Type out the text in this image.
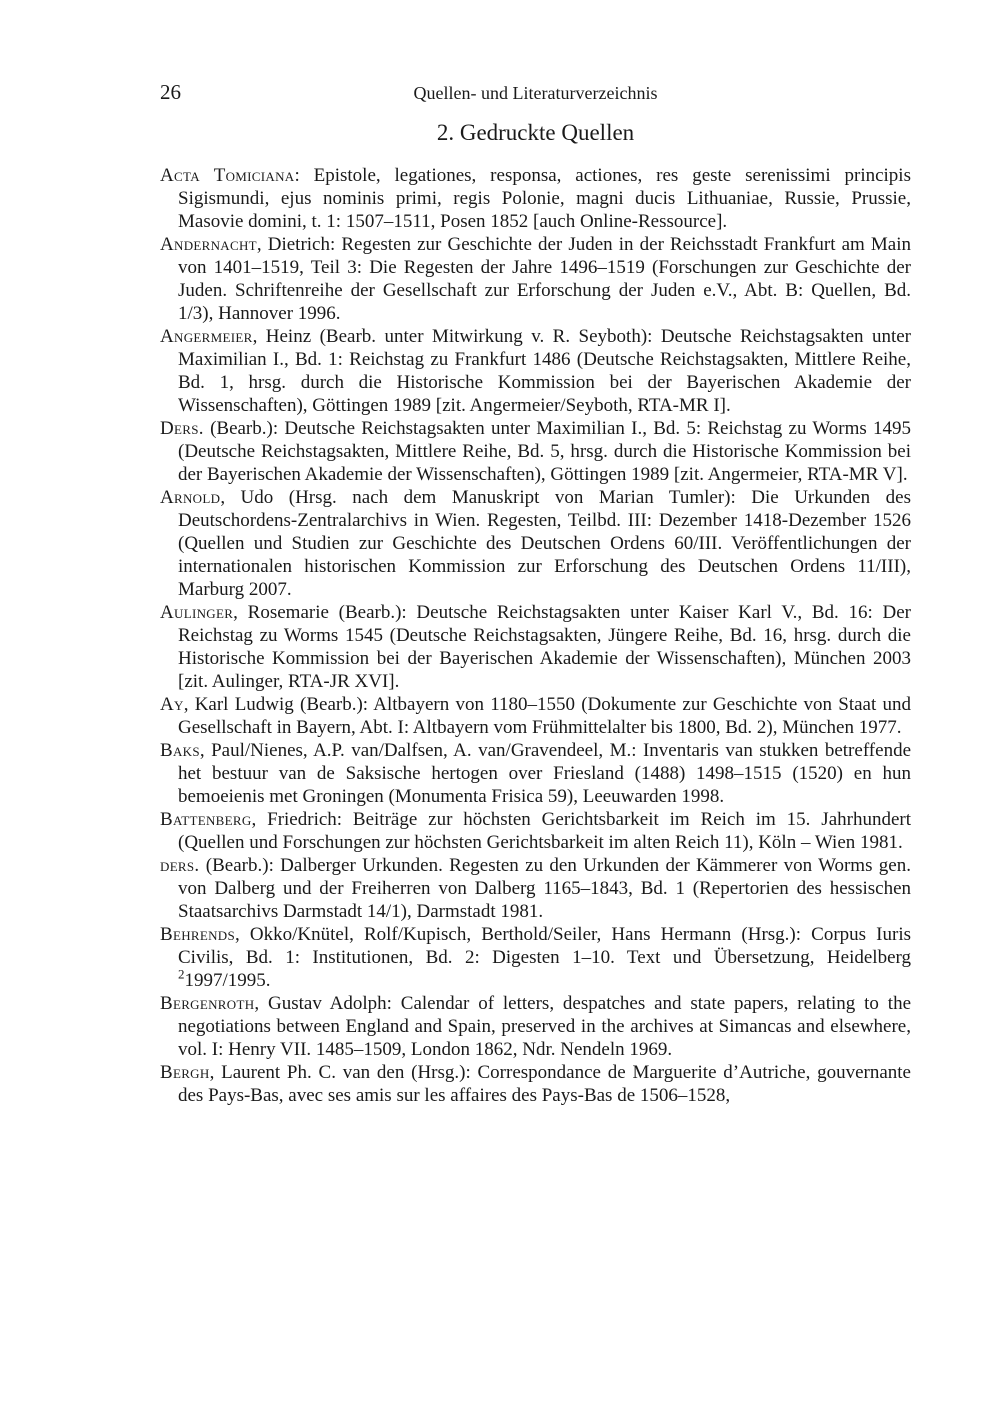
26	Quellen- und Literaturverzeichnis
2. Gedruckte Quellen
Acta Tomiciana: Epistole, legationes, responsa, actiones, res geste serenissimi principis Sigismundi, ejus nominis primi, regis Polonie, magni ducis Lithuaniae, Russie, Prussie, Masovie domini, t. 1: 1507–1511, Posen 1852 [auch Online-Ressource].
Andernacht, Dietrich: Regesten zur Geschichte der Juden in der Reichsstadt Frankfurt am Main von 1401–1519, Teil 3: Die Regesten der Jahre 1496–1519 (Forschungen zur Geschichte der Juden. Schriftenreihe der Gesellschaft zur Erforschung der Juden e.V., Abt. B: Quellen, Bd. 1/3), Hannover 1996.
Angermeier, Heinz (Bearb. unter Mitwirkung v. R. Seyboth): Deutsche Reichstagsakten unter Maximilian I., Bd. 1: Reichstag zu Frankfurt 1486 (Deutsche Reichstagsakten, Mittlere Reihe, Bd. 1, hrsg. durch die Historische Kommission bei der Bayerischen Akademie der Wissenschaften), Göttingen 1989 [zit. Angermeier/Seyboth, RTA-MR I].
Ders. (Bearb.): Deutsche Reichstagsakten unter Maximilian I., Bd. 5: Reichstag zu Worms 1495 (Deutsche Reichstagsakten, Mittlere Reihe, Bd. 5, hrsg. durch die Historische Kommission bei der Bayerischen Akademie der Wissenschaften), Göttingen 1989 [zit. Angermeier, RTA-MR V].
Arnold, Udo (Hrsg. nach dem Manuskript von Marian Tumler): Die Urkunden des Deutschordens-Zentralarchivs in Wien. Regesten, Teilbd. III: Dezember 1418-Dezember 1526 (Quellen und Studien zur Geschichte des Deutschen Ordens 60/III. Veröffentlichungen der internationalen historischen Kommission zur Erforschung des Deutschen Ordens 11/III), Marburg 2007.
Aulinger, Rosemarie (Bearb.): Deutsche Reichstagsakten unter Kaiser Karl V., Bd. 16: Der Reichstag zu Worms 1545 (Deutsche Reichstagsakten, Jüngere Reihe, Bd. 16, hrsg. durch die Historische Kommission bei der Bayerischen Akademie der Wissenschaften), München 2003 [zit. Aulinger, RTA-JR XVI].
Ay, Karl Ludwig (Bearb.): Altbayern von 1180–1550 (Dokumente zur Geschichte von Staat und Gesellschaft in Bayern, Abt. I: Altbayern vom Frühmittelalter bis 1800, Bd. 2), München 1977.
Baks, Paul/Nienes, A.P. van/Dalfsen, A. van/Gravendeel, M.: Inventaris van stukken betreffende het bestuur van de Saksische hertogen over Friesland (1488) 1498–1515 (1520) en hun bemoeienis met Groningen (Monumenta Frisica 59), Leeuwarden 1998.
Battenberg, Friedrich: Beiträge zur höchsten Gerichtsbarkeit im Reich im 15. Jahrhundert (Quellen und Forschungen zur höchsten Gerichtsbarkeit im alten Reich 11), Köln – Wien 1981.
ders. (Bearb.): Dalberger Urkunden. Regesten zu den Urkunden der Kämmerer von Worms gen. von Dalberg und der Freiherren von Dalberg 1165–1843, Bd. 1 (Repertorien des hessischen Staatsarchivs Darmstadt 14/1), Darmstadt 1981.
Behrends, Okko/Knütel, Rolf/Kupisch, Berthold/Seiler, Hans Hermann (Hrsg.): Corpus Iuris Civilis, Bd. 1: Institutionen, Bd. 2: Digesten 1–10. Text und Übersetzung, Heidelberg $^2$1997/1995.
Bergenroth, Gustav Adolph: Calendar of letters, despatches and state papers, relating to the negotiations between England and Spain, preserved in the archives at Simancas and elsewhere, vol. I: Henry VII. 1485–1509, London 1862, Ndr. Nendeln 1969.
Bergh, Laurent Ph. C. van den (Hrsg.): Correspondance de Marguerite d’Autriche, gouvernante des Pays-Bas, avec ses amis sur les affaires des Pays-Bas de 1506–1528,
